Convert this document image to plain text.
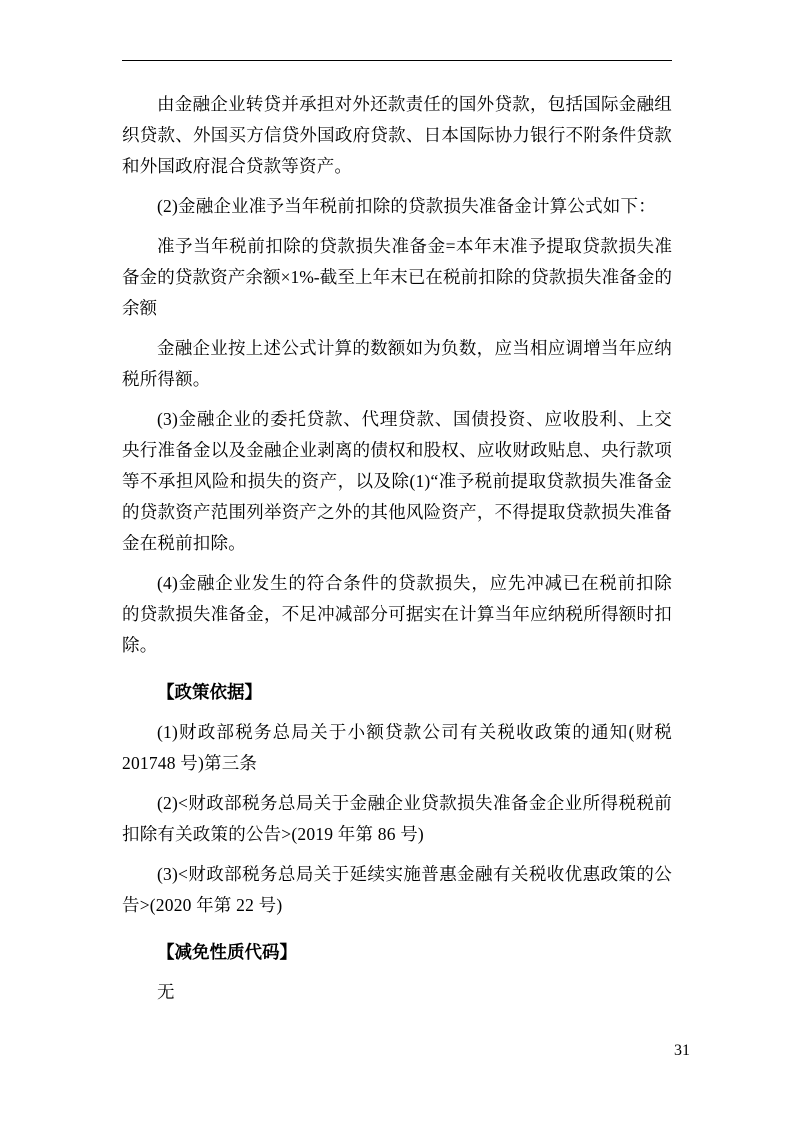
由金融企业转贷并承担对外还款责任的国外贷款，包括国际金融组织贷款、外国买方信贷外国政府贷款、日本国际协力银行不附条件贷款和外国政府混合贷款等资产。

(2)金融企业准予当年税前扣除的贷款损失准备金计算公式如下：

准予当年税前扣除的贷款损失准备金=本年末准予提取贷款损失准备金的贷款资产余额×1%-截至上年末已在税前扣除的贷款损失准备金的余额

金融企业按上述公式计算的数额如为负数，应当相应调增当年应纳税所得额。

(3)金融企业的委托贷款、代理贷款、国债投资、应收股利、上交央行准备金以及金融企业剥离的债权和股权、应收财政贴息、央行款项等不承担风险和损失的资产，以及除(1)“准予税前提取贷款损失准备金的贷款资产范围列举资产之外的其他风险资产，不得提取贷款损失准备金在税前扣除。

(4)金融企业发生的符合条件的贷款损失，应先冲减已在税前扣除的贷款损失准备金，不足冲减部分可据实在计算当年应纳税所得额时扣除。

【政策依据】

(1)财政部税务总局关于小额贷款公司有关税收政策的通知(财税 201748 号)第三条

(2)<财政部税务总局关于金融企业贷款损失准备金企业所得税税前扣除有关政策的公告>(2019 年第 86 号)

(3)<财政部税务总局关于延续实施普惠金融有关税收优惠政策的公告>(2020 年第 22 号)

【减免性质代码】

无

31
